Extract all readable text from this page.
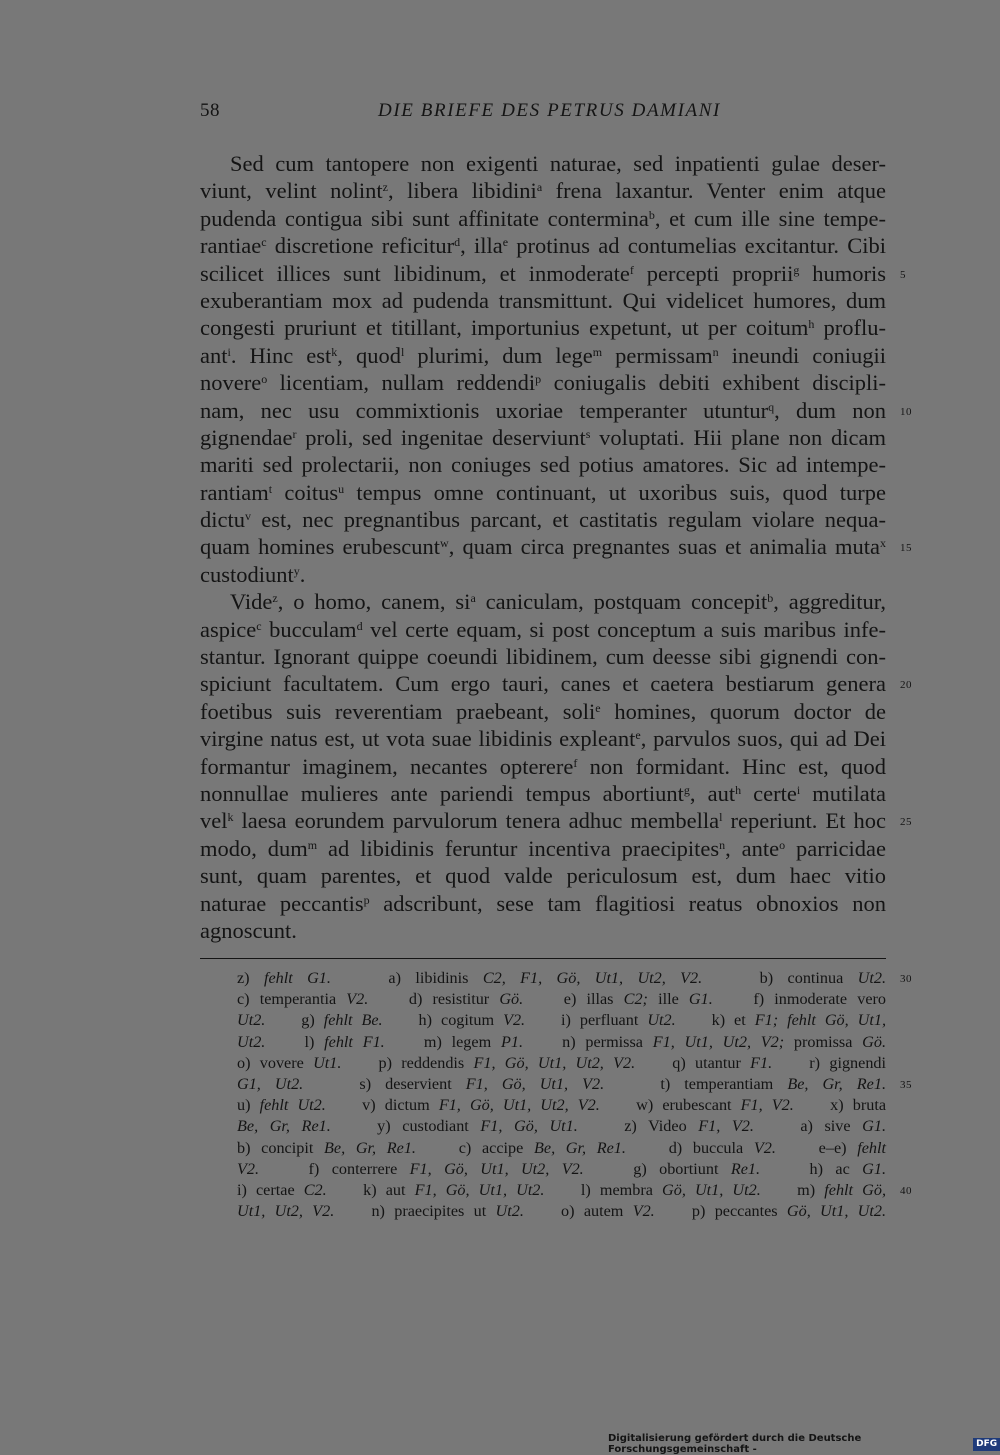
58	DIE BRIEFE DES PETRUS DAMIANI
Sed cum tantopere non exigenti naturae, sed inpatienti gulae deser-
viunt, velint nolint$^z$, libera libidini$^a$ frena laxantur. Venter enim atque
pudenda contigua sibi sunt affinitate contermina$^b$, et cum ille sine tempe-
rantiae$^c$ discretione reficitur$^d$, illa$^e$ protinus ad contumelias excitantur. Cibi
scilicet illices sunt libidinum, et inmoderate$^f$ percepti proprii$^g$ humoris 5
exuberantiam mox ad pudenda transmittunt. Qui videlicet humores, dum
congesti pruriunt et titillant, importunius expetunt, ut per coitum$^h$ proflu-
ant$^i$. Hinc est$^k$, quod$^l$ plurimi, dum lege$^m$ permissam$^n$ ineundi coniugii
novere$^o$ licentiam, nullam reddendi$^p$ coniugalis debiti exhibent discipli-
nam, nec usu commixtionis uxoriae temperanter utuntur$^q$, dum non 10
gignendae$^r$ proli, sed ingenitae deserviunt$^s$ voluptati. Hii plane non dicam
mariti sed prolectarii, non coniuges sed potius amatores. Sic ad intempe-
rantiam$^t$ coitus$^u$ tempus omne continuant, ut uxoribus suis, quod turpe
dictu$^v$ est, nec pregnantibus parcant, et castitatis regulam violare nequa-
quam homines erubescunt$^w$, quam circa pregnantes suas et animalia muta$^x$ 15
custodiunt$^y$.
Vide$^z$, o homo, canem, $si^a$ caniculam, postquam concepit$^b$, aggreditur,
aspice$^c$ bucculam$^d$ vel certe equam, si post conceptum a suis maribus infe-
stantur. Ignorant quippe coeundi libidinem, cum deesse sibi gignendi con-
spiciunt facultatem. Cum ergo tauri, canes et caetera bestiarum genera 20
foetibus suis reverentiam praebeant, soli$^e$ homines, quorum doctor de
virgine natus est, ut vota suae libidinis expleant$^e$, parvulos suos, qui ad Dei
formantur imaginem, necantes opterere$^f$ non formidant. Hinc est, quod
nonnullae mulieres ante pariendi tempus abortiunt$^g$, aut$^h$ certe$^i$ mutilata
vel$^k$ laesa eorundem parvulorum tenera adhuc membella$^l$ reperiunt. Et hoc 25
modo, dum$^m$ ad libidinis feruntur incentiva praecipites$^n$, ante$^o$ parricidae
sunt, quam parentes, et quod valde periculosum est, dum haec vitio
naturae peccantis$^p$ adscribunt, sese tam flagitiosi reatus obnoxios non
agnoscunt.
z) fehlt G1.    a) libidinis C2, F1, Gö, Ut1, Ut2, V2.    b) continua Ut2. 30
c) temperantia V2.    d) resistitur Gö.    e) illas C2; ille G1.    f) inmoderate vero
Ut2.    g) fehlt Be.    h) cogitum V2.    i) perfluant Ut2.    k) et F1; fehlt Gö, Ut1,
Ut2.    l) fehlt F1.    m) legem P1.    n) permissa F1, Ut1, Ut2, V2; promissa Gö.
o) vovere Ut1.    p) reddendis F1, Gö, Ut1, Ut2, V2.    q) utantur F1.    r) gignendi
G1, Ut2.    s) deservient F1, Gö, Ut1, V2.    t) temperantiam Be, Gr, Re1. 35
u) fehlt Ut2.    v) dictum F1, Gö, Ut1, Ut2, V2.    w) erubescant F1, V2.    x) bruta
Be, Gr, Re1.    y) custodiant F1, Gö, Ut1.    z) Video F1, V2.    a) sive G1.
b) concipit Be, Gr, Re1.    c) accipe Be, Gr, Re1.    d) buccula V2.    e–e) fehlt
V2.    f) conterrere F1, Gö, Ut1, Ut2, V2.    g) obortiunt Re1.    h) ac G1.
i) certae C2.    k) aut F1, Gö, Ut1, Ut2.    l) membra Gö, Ut1, Ut2.    m) fehlt Gö, 40
Ut1, Ut2, V2.    n) praecipites ut Ut2.    o) autem V2.    p) peccantes Gö, Ut1, Ut2.
Digitalisierung gefördert durch die Deutsche Forschungsgemeinschaft -	DFG
